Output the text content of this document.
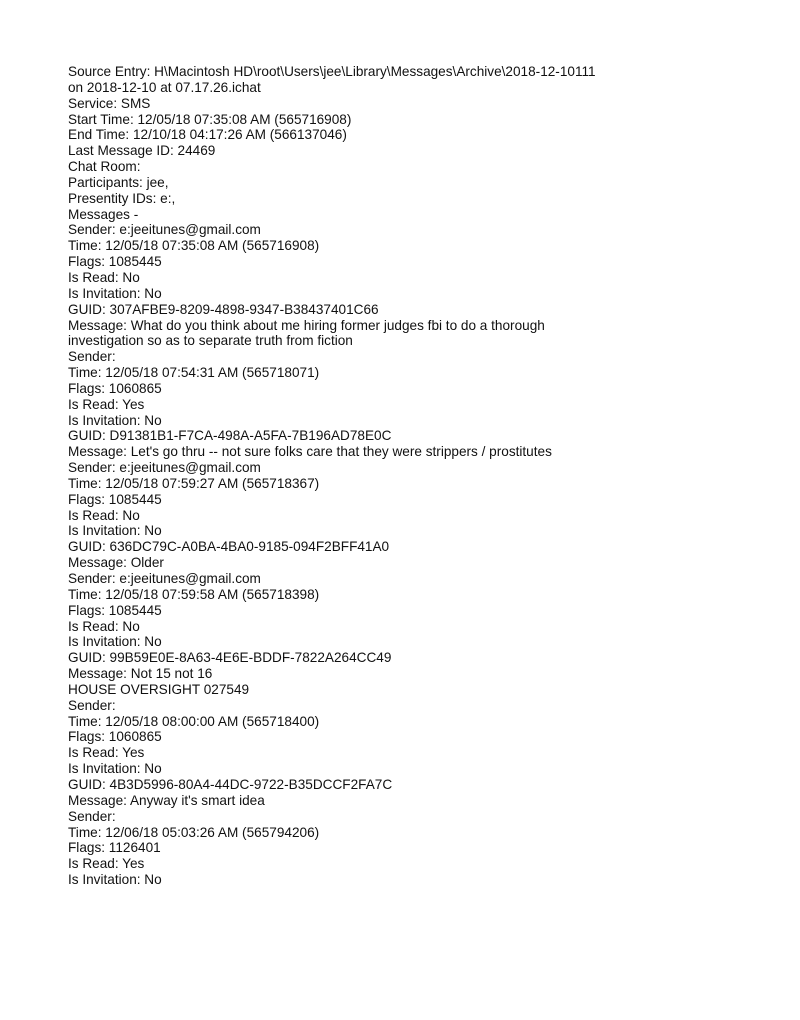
Source Entry: H\Macintosh HD\root\Users\jee\Library\Messages\Archive\2018-12-10111
on 2018-12-10 at 07.17.26.ichat
Service: SMS
Start Time: 12/05/18 07:35:08 AM (565716908)
End Time: 12/10/18 04:17:26 AM (566137046)
Last Message ID: 24469
Chat Room:
Participants: jee,
Presentity IDs: e:,
Messages -
Sender: e:jeeitunes@gmail.com
Time: 12/05/18 07:35:08 AM (565716908)
Flags: 1085445
Is Read: No
Is Invitation: No
GUID: 307AFBE9-8209-4898-9347-B38437401C66
Message: What do you think about me hiring former judges fbi to do a thorough
investigation so as to separate truth from fiction
Sender:
Time: 12/05/18 07:54:31 AM (565718071)
Flags: 1060865
Is Read: Yes
Is Invitation: No
GUID: D91381B1-F7CA-498A-A5FA-7B196AD78E0C
Message: Let's go thru -- not sure folks care that they were strippers / prostitutes
Sender: e:jeeitunes@gmail.com
Time: 12/05/18 07:59:27 AM (565718367)
Flags: 1085445
Is Read: No
Is Invitation: No
GUID: 636DC79C-A0BA-4BA0-9185-094F2BFF41A0
Message: Older
Sender: e:jeeitunes@gmail.com
Time: 12/05/18 07:59:58 AM (565718398)
Flags: 1085445
Is Read: No
Is Invitation: No
GUID: 99B59E0E-8A63-4E6E-BDDF-7822A264CC49
Message: Not 15 not 16
HOUSE OVERSIGHT 027549
Sender:
Time: 12/05/18 08:00:00 AM (565718400)
Flags: 1060865
Is Read: Yes
Is Invitation: No
GUID: 4B3D5996-80A4-44DC-9722-B35DCCF2FA7C
Message: Anyway it's smart idea
Sender:
Time: 12/06/18 05:03:26 AM (565794206)
Flags: 1126401
Is Read: Yes
Is Invitation: No
